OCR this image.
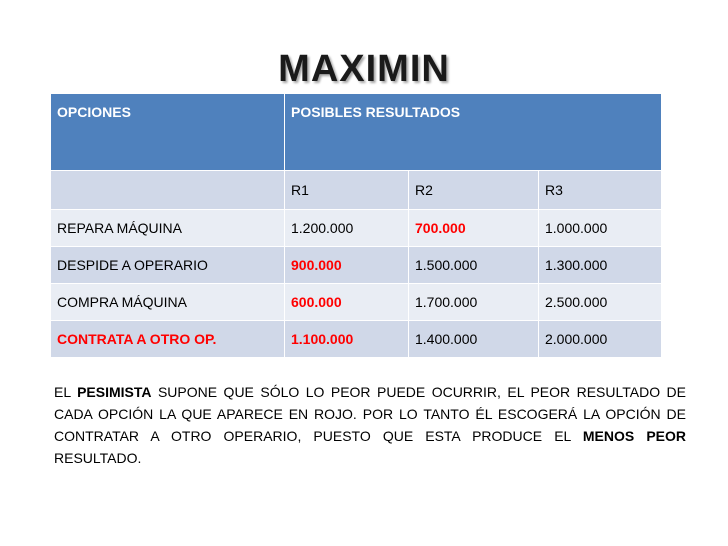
MAXIMIN
OPCIONES	POSIBLES RESULTADOS		
	R1	R2	R3
REPARA MÁQUINA	1.200.000	700.000	1.000.000
DESPIDE A OPERARIO	900.000	1.500.000	1.300.000
COMPRA MÁQUINA	600.000	1.700.000	2.500.000
CONTRATA A OTRO OP.	1.100.000	1.400.000	2.000.000
EL PESIMISTA SUPONE QUE SÓLO LO PEOR PUEDE OCURRIR, EL PEOR RESULTADO DE CADA OPCIÓN LA QUE APARECE EN ROJO. POR LO TANTO ÉL ESCOGERÁ LA OPCIÓN DE CONTRATAR A OTRO OPERARIO, PUESTO QUE ESTA PRODUCE EL MENOS PEOR RESULTADO.
